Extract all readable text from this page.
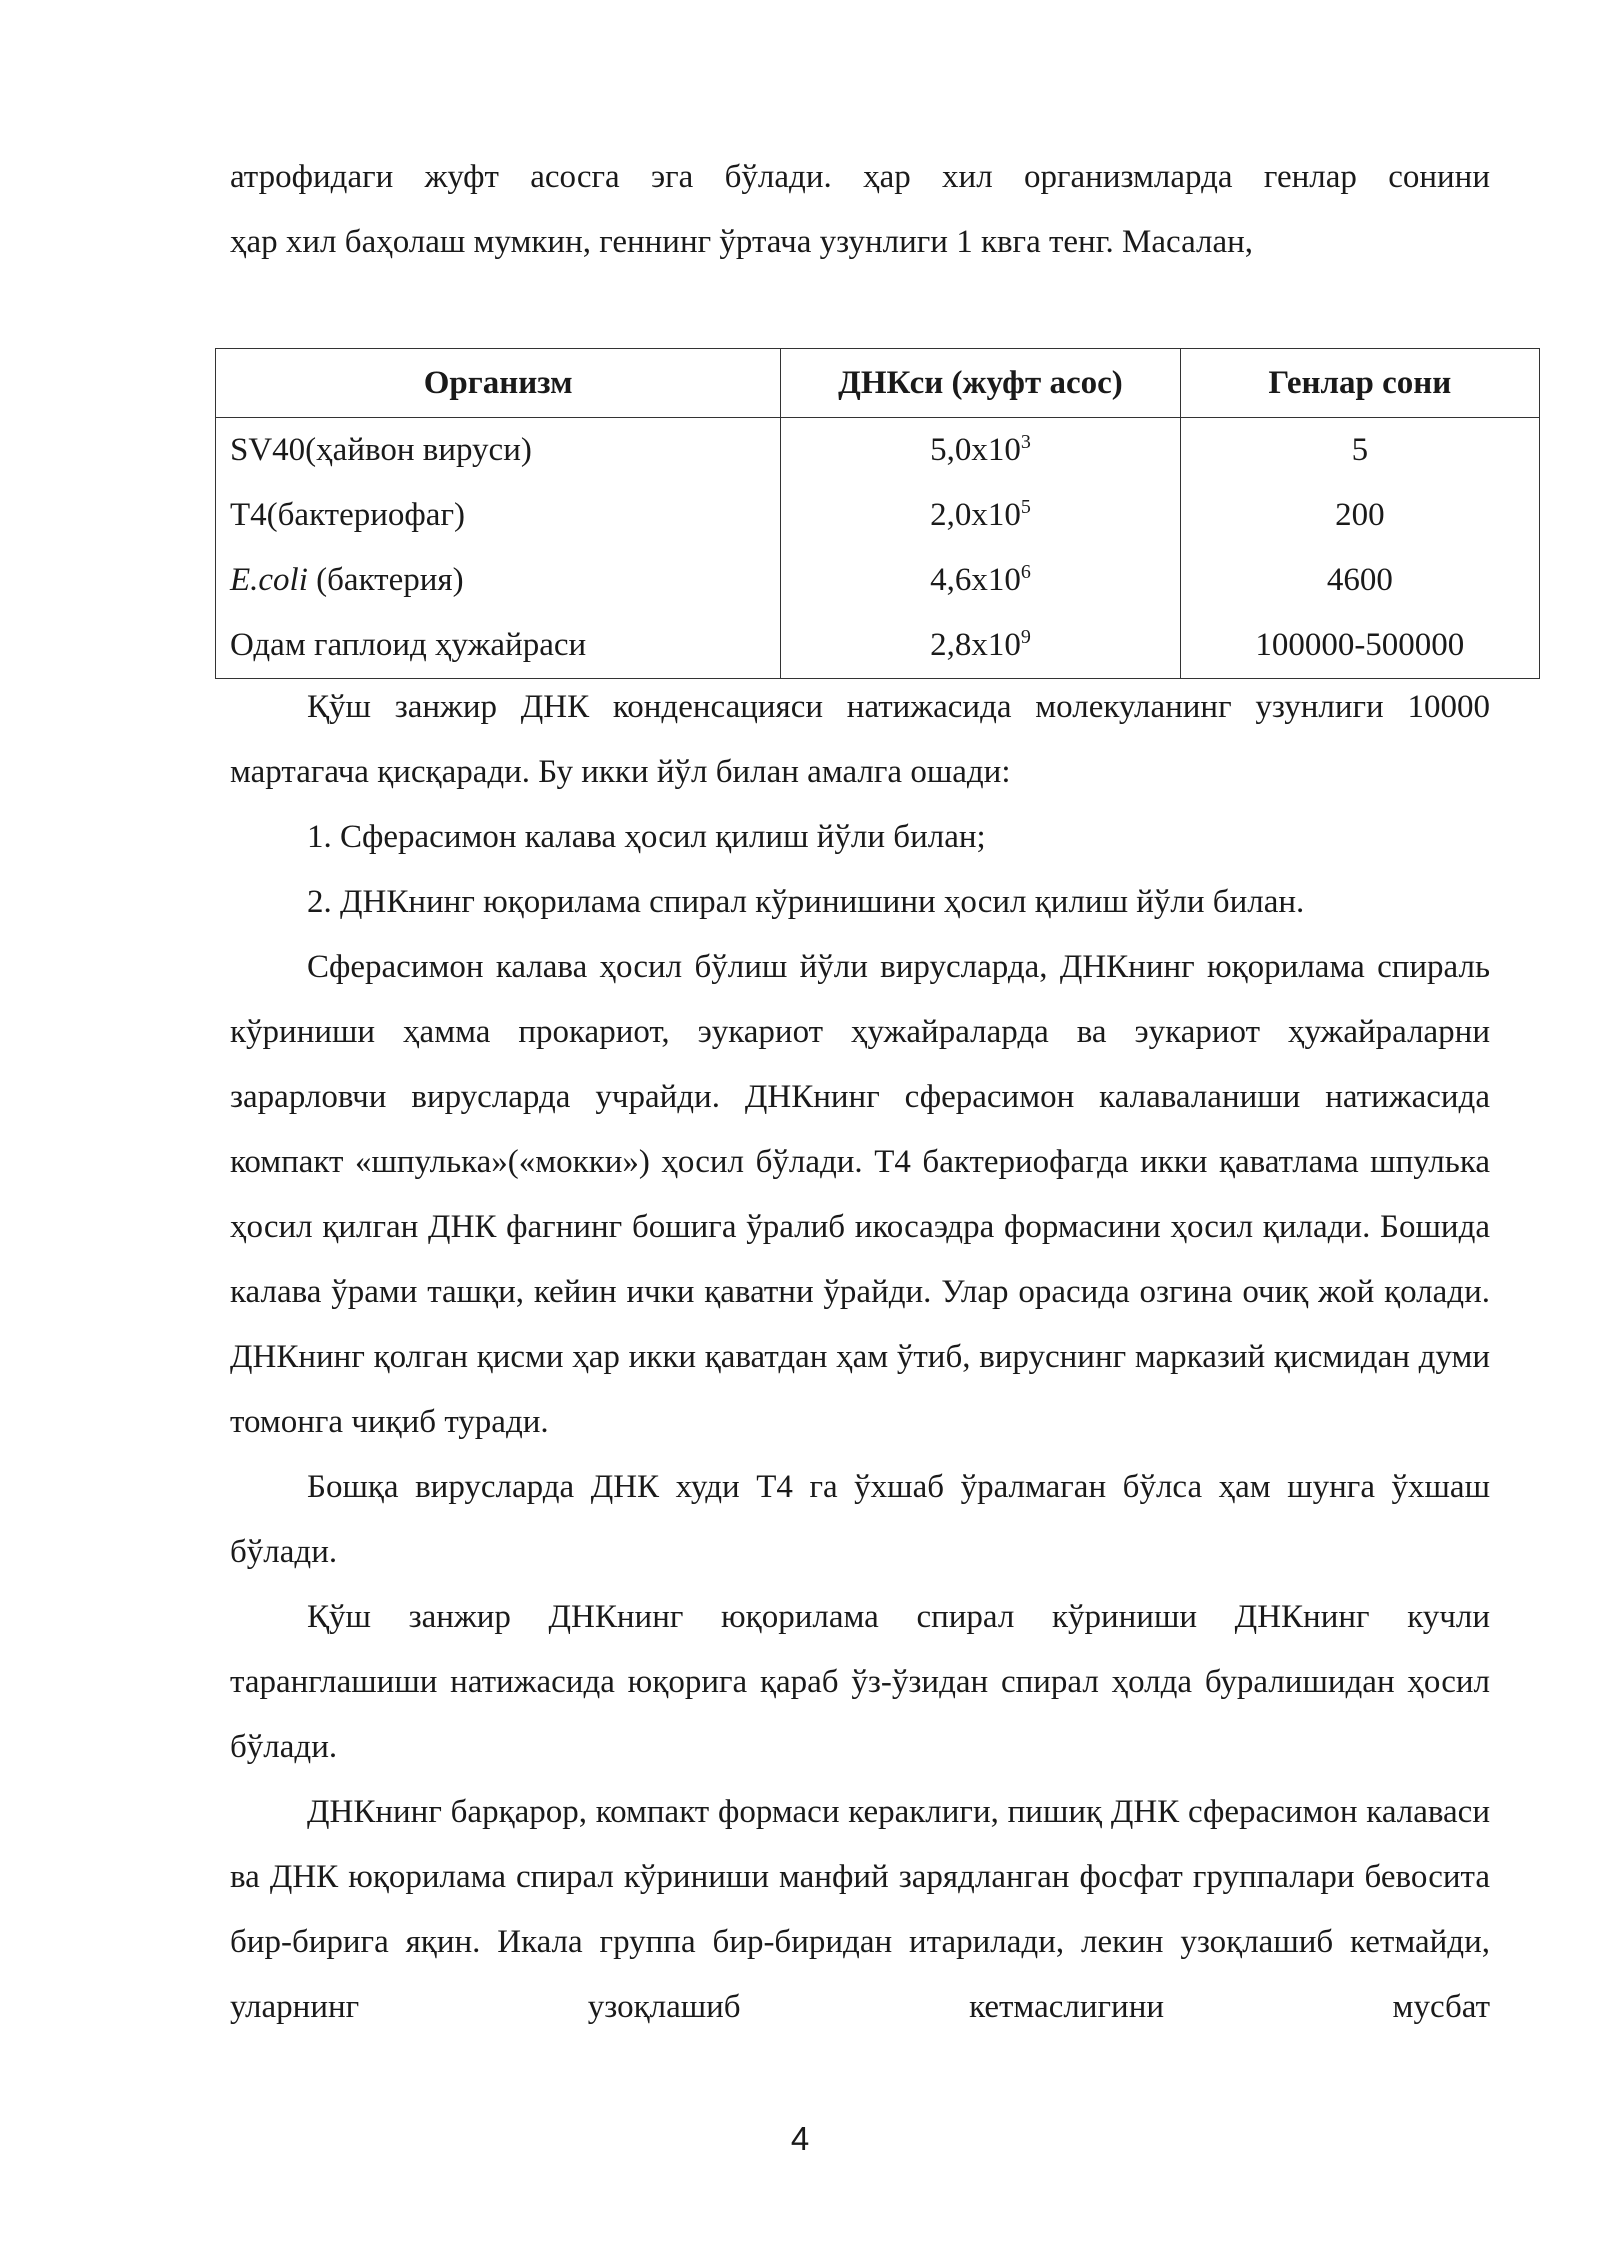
атрофидаги жуфт асосга эга бўлади. ҳар хил организмларда генлар сонини
ҳар хил баҳолаш мумкин, геннинг ўртача узунлиги 1 квга тенг. Масалан,
Организм	ДНКси (жуфт асос)	Генлар сони
SV40(ҳайвон вируси)	$5,0х10^3$	5
Т4(бактериофаг)	$2,0х10^5$	200
E.coli (бактерия)	$4,6х10^6$	4600
Одам гаплоид ҳужайраси	$2,8х10^9$	100000-500000

Қўш занжир ДНК конденсацияси натижасида молекуланинг узунлиги 10000 мартагача қисқаради. Бу икки йўл билан амалга ошади:

1. Сферасимон калава ҳосил қилиш йўли билан;

2. ДНКнинг юқорилама спирал кўринишини ҳосил қилиш йўли билан.

Сферасимон калава ҳосил бўлиш йўли вирусларда, ДНКнинг юқорилама спираль кўриниши ҳамма прокариот, эукариот ҳужайраларда ва эукариот ҳужайраларни зарарловчи вирусларда учрайди. ДНКнинг сферасимон калаваланиши натижасида компакт «шпулька»(«мокки») ҳосил бўлади. Т4 бактериофагда икки қаватлама шпулька ҳосил қилган ДНК фагнинг бошига ўралиб икосаэдра формасини ҳосил қилади. Бошида калава ўрами ташқи, кейин ички қаватни ўрайди. Улар орасида озгина очиқ жой қолади. ДНКнинг қолган қисми ҳар икки қаватдан ҳам ўтиб, вируснинг марказий қисмидан думи томонга чиқиб туради.

Бошқа вирусларда ДНК худи Т4 га ўхшаб ўралмаган бўлса ҳам шунга ўхшаш бўлади.

Қўш занжир ДНКнинг юқорилама спирал кўриниши ДНКнинг кучли таранглашиши натижасида юқорига қараб ўз-ўзидан спирал ҳолда буралишидан ҳосил бўлади.

ДНКнинг барқарор, компакт формаси кераклиги, пишиқ ДНК сферасимон калаваси ва ДНК юқорилама спирал кўриниши манфий зарядланган фосфат группалари бевосита бир-бирига яқин. Икала группа бир-биридан итарилади, лекин узоқлашиб кетмайди, уларнинг узоқлашиб кетмаслигини мусбат

4
